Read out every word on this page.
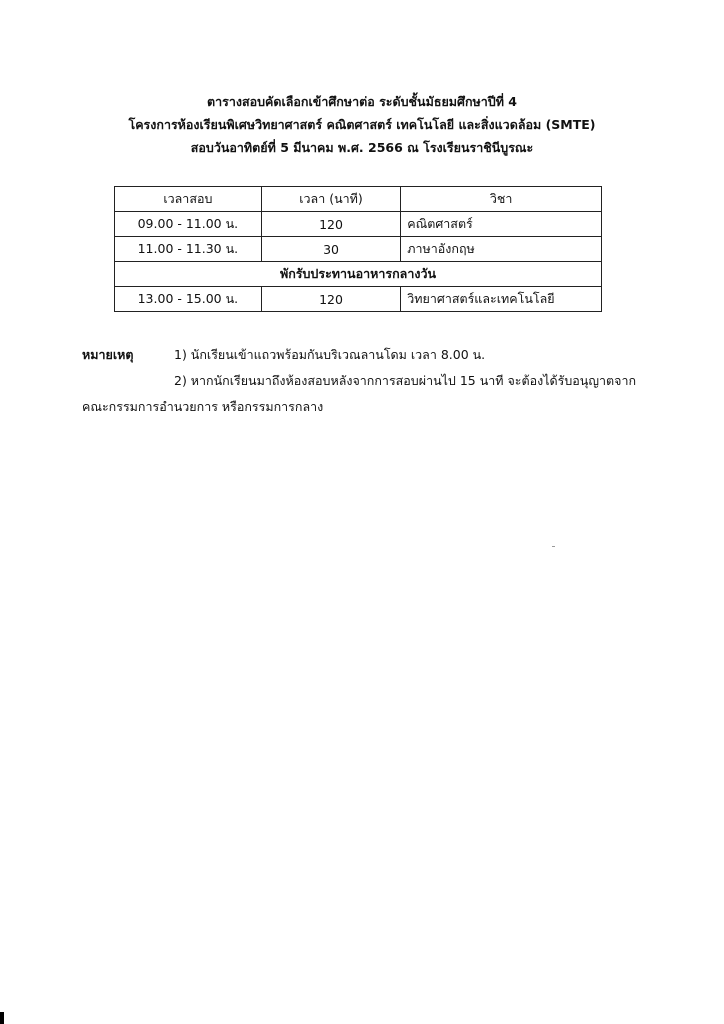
ตารางสอบคัดเลือกเข้าศึกษาต่อ ระดับชั้นมัธยมศึกษาปีที่ 4
โครงการห้องเรียนพิเศษวิทยาศาสตร์ คณิตศาสตร์ เทคโนโลยี และสิ่งแวดล้อม (SMTE)
สอบวันอาทิตย์ที่ 5 มีนาคม พ.ศ. 2566 ณ โรงเรียนราชินีบูรณะ
เวลาสอบ	เวลา (นาที)	วิชา
09.00 - 11.00 น.	120	คณิตศาสตร์
11.00 - 11.30 น.	30	ภาษาอังกฤษ
พักรับประทานอาหารกลางวัน		
13.00 - 15.00 น.	120	วิทยาศาสตร์และเทคโนโลยี
หมายเหตุ	1) นักเรียนเข้าแถวพร้อมกันบริเวณลานโดม เวลา 8.00 น.
2) หากนักเรียนมาถึงห้องสอบหลังจากการสอบผ่านไป 15 นาที จะต้องได้รับอนุญาตจาก
คณะกรรมการอำนวยการ หรือกรรมการกลาง
